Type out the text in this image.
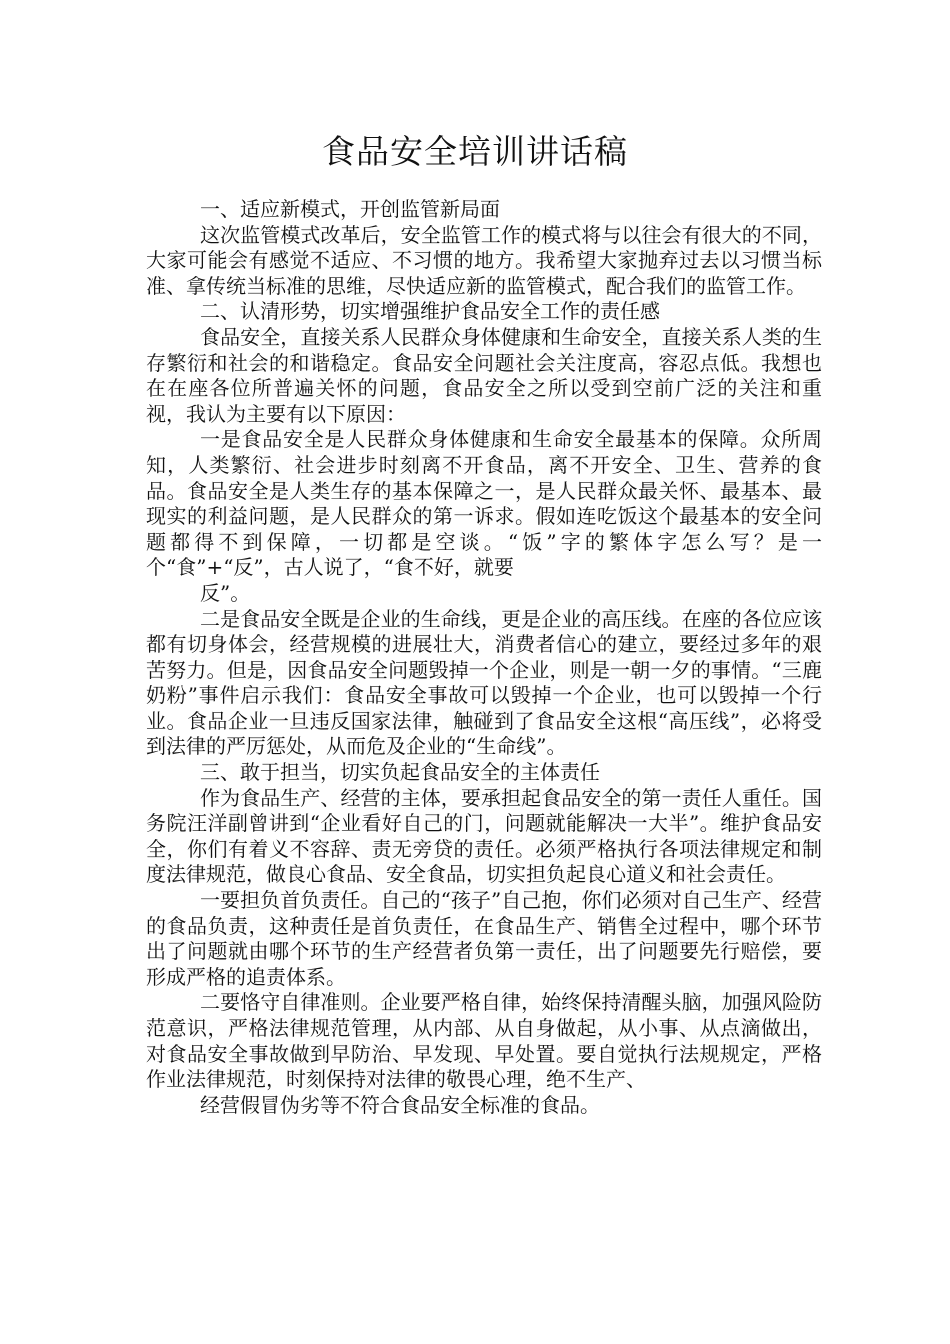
食品安全培训讲话稿

一、适应新模式，开创监管新局面

这次监管模式改革后，安全监管工作的模式将与以往会有很大的不同，大家可能会有感觉不适应、不习惯的地方。我希望大家抛弃过去以习惯当标准、拿传统当标准的思维，尽快适应新的监管模式，配合我们的监管工作。

二、认清形势，切实增强维护食品安全工作的责任感

食品安全，直接关系人民群众身体健康和生命安全，直接关系人类的生存繁衍和社会的和谐稳定。食品安全问题社会关注度高，容忍点低。我想也在在座各位所普遍关怀的问题，食品安全之所以受到空前广泛的关注和重视，我认为主要有以下原因：

一是食品安全是人民群众身体健康和生命安全最基本的保障。众所周知，人类繁衍、社会进步时刻离不开食品，离不开安全、卫生、营养的食品。食品安全是人类生存的基本保障之一，是人民群众最关怀、最基本、最现实的利益问题，是人民群众的第一诉求。假如连吃饭这个最基本的安全问题都得不到保障，一切都是空谈。“饭”字的繁体字怎么写？是一个“食”+“反”，古人说了，“食不好，就要

反”。

二是食品安全既是企业的生命线，更是企业的高压线。在座的各位应该都有切身体会，经营规模的进展壮大，消费者信心的建立，要经过多年的艰苦努力。但是，因食品安全问题毁掉一个企业，则是一朝一夕的事情。“三鹿奶粉”事件启示我们：食品安全事故可以毁掉一个企业，也可以毁掉一个行业。食品企业一旦违反国家法律，触碰到了食品安全这根“高压线”，必将受到法律的严厉惩处，从而危及企业的“生命线”。

三、敢于担当，切实负起食品安全的主体责任

作为食品生产、经营的主体，要承担起食品安全的第一责任人重任。国务院汪洋副曾讲到“企业看好自己的门，问题就能解决一大半”。维护食品安全，你们有着义不容辞、责无旁贷的责任。必须严格执行各项法律规定和制度法律规范，做良心食品、安全食品，切实担负起良心道义和社会责任。

一要担负首负责任。自己的“孩子”自己抱，你们必须对自己生产、经营的食品负责，这种责任是首负责任，在食品生产、销售全过程中，哪个环节出了问题就由哪个环节的生产经营者负第一责任，出了问题要先行赔偿，要形成严格的追责体系。

二要恪守自律准则。企业要严格自律，始终保持清醒头脑，加强风险防范意识，严格法律规范管理，从内部、从自身做起，从小事、从点滴做出，对食品安全事故做到早防治、早发现、早处置。要自觉执行法规规定，严格作业法律规范，时刻保持对法律的敬畏心理，绝不生产、

经营假冒伪劣等不符合食品安全标准的食品。
